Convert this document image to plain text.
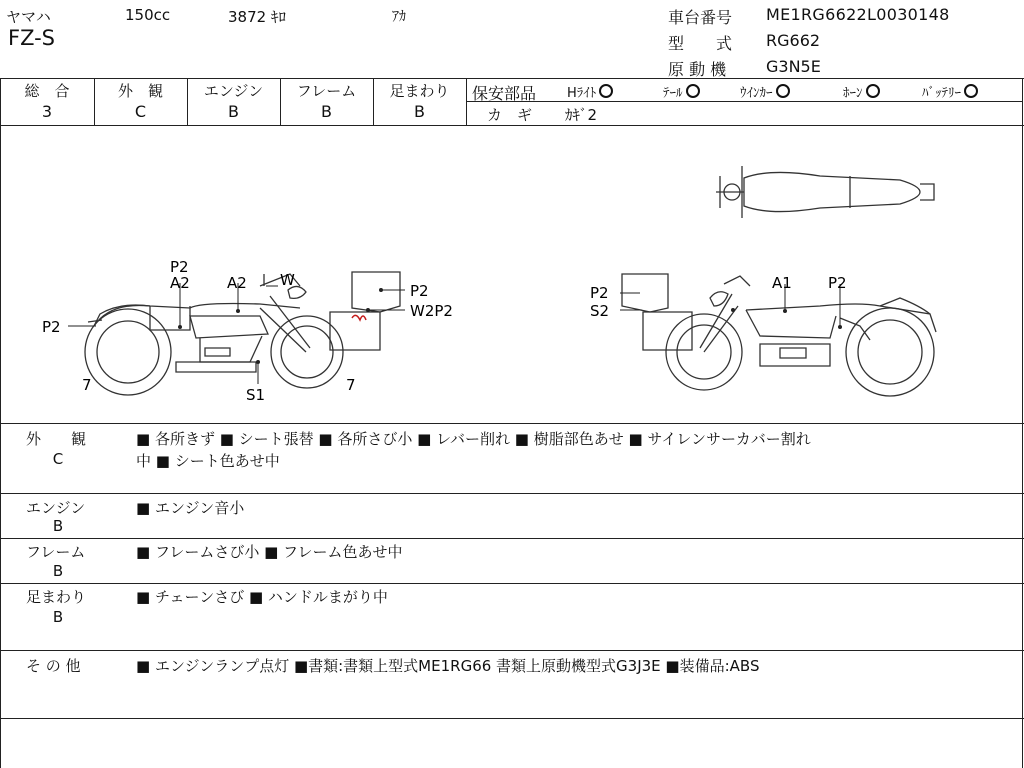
ヤマハ	150cc	3872 ｷﾛ	ｱｶ
FZ-S
車台番号 ME1RG6622L0030148
型　　式 RG662
原 動 機 G3N5E
総　合
3
外　観
C
エンジン
B
フレーム
B
足まわり
B
保安部品 Hﾗｲﾄ	ﾃｰﾙ	ｳｲﾝｶｰ	ﾎｰﾝ	ﾊﾞｯﾃﾘｰ
カ　ギ ｶｷﾞ2
P2
A2 A2 W
P2
W2P2
P2
S1
7	7
P2
S2
A1 P2
外　　観
C
■ 各所きず ■ シート張替 ■ 各所さび小 ■ レバー削れ ■ 樹脂部色あせ ■ サイレンサーカバー割れ
中 ■ シート色あせ中
エンジン
B
■ エンジン音小
フレーム
B
■ フレームさび小 ■ フレーム色あせ中
足まわり
B
■ チェーンさび ■ ハンドルまがり中
そ の 他	■ エンジンランプ点灯 ■書類:書類上型式ME1RG66 書類上原動機型式G3J3E ■装備品:ABS
